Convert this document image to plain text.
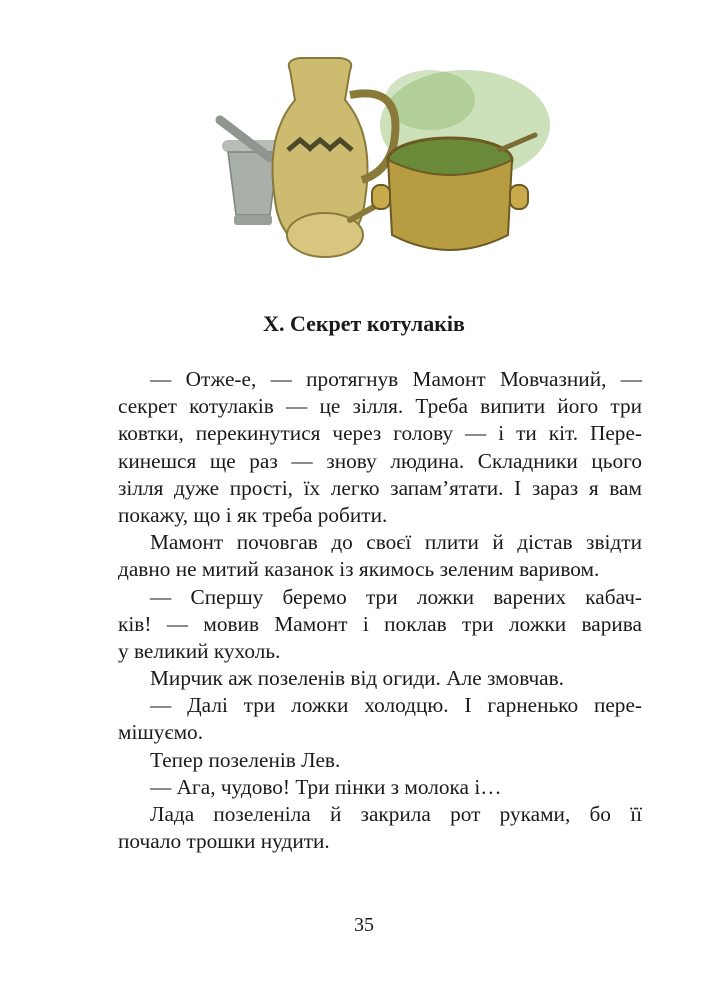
X. Секрет котулаків
— Отже-е, — протягнув Мамонт Мовчазний, —
секрет котулаків — це зілля. Треба випити його три
ковтки, перекинутися через голову — і ти кіт. Пере-
кинешся ще раз — знову людина. Складники цього
зілля дуже прості, їх легко запам’ятати. І зараз я вам
покажу, що і як треба робити.
Мамонт почовгав до своєї плити й дістав звідти
давно не митий казанок із якимось зеленим варивом.
— Спершу беремо три ложки варених кабач-
ків! — мовив Мамонт і поклав три ложки варива
у великий кухоль.
Мирчик аж позеленів від огиди. Але змовчав.
— Далі три ложки холодцю. І гарненько пере-
мішуємо.
Тепер позеленів Лев.
— Ага, чудово! Три пінки з молока і…
Лада позеленіла й закрила рот руками, бо її
почало трошки нудити.
35
